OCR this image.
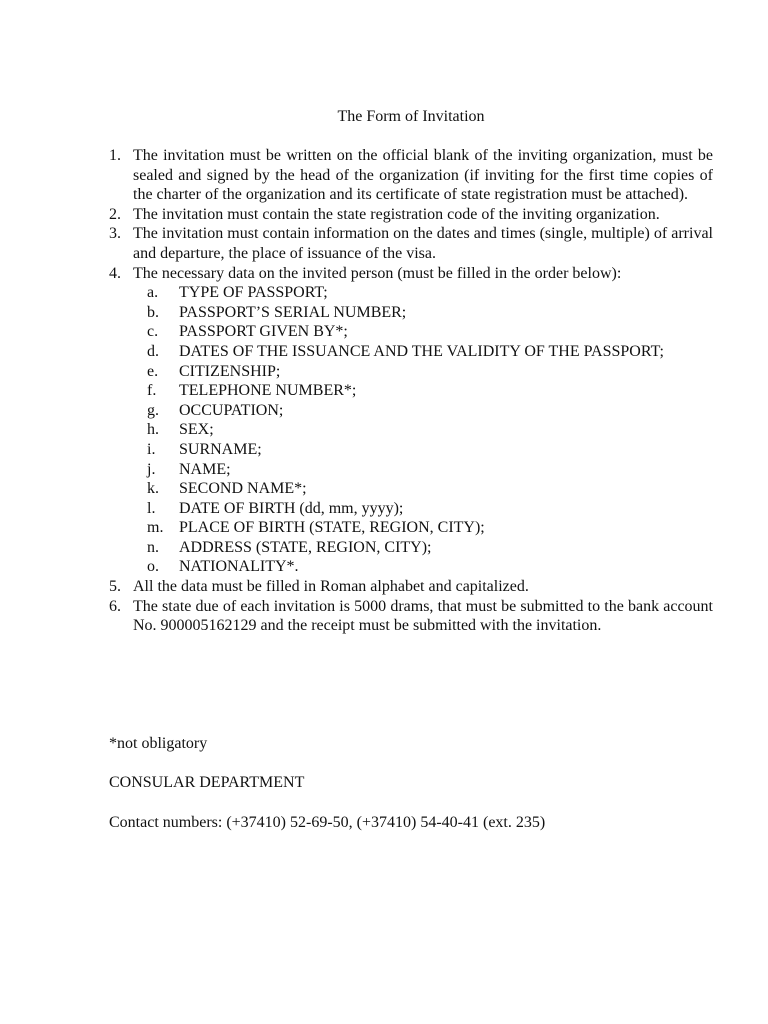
The Form of Invitation
1. The invitation must be written on the official blank of the inviting organization, must be sealed and signed by the head of the organization (if inviting for the first time copies of the charter of the organization and its certificate of state registration must be attached).
2. The invitation must contain the state registration code of the inviting organization.
3. The invitation must contain information on the dates and times (single, multiple) of arrival and departure, the place of issuance of the visa.
4. The necessary data on the invited person (must be filled in the order below):
a. TYPE OF PASSPORT;
b. PASSPORT’S SERIAL NUMBER;
c. PASSPORT GIVEN BY*;
d. DATES OF THE ISSUANCE AND THE VALIDITY OF THE PASSPORT;
e. CITIZENSHIP;
f. TELEPHONE NUMBER*;
g. OCCUPATION;
h. SEX;
i. SURNAME;
j. NAME;
k. SECOND NAME*;
l. DATE OF BIRTH (dd, mm, yyyy);
m. PLACE OF BIRTH (STATE, REGION, CITY);
n. ADDRESS (STATE, REGION, CITY);
o. NATIONALITY*.
5. All the data must be filled in Roman alphabet and capitalized.
6. The state due of each invitation is 5000 drams, that must be submitted to the bank account No. 900005162129 and the receipt must be submitted with the invitation.

*not obligatory

CONSULAR DEPARTMENT

Contact numbers: (+37410) 52-69-50, (+37410) 54-40-41 (ext. 235)
